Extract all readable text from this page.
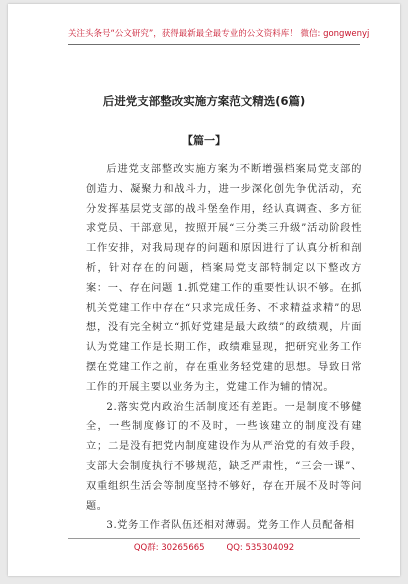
关注头条号“公文研究”，获得最新最全最专业的公文资料库！ 微信: gongwenyj
后进党支部整改实施方案范文精选(6篇)
【篇一】

后进党支部整改实施方案为不断增强档案局党支部的创造力、凝聚力和战斗力，进一步深化创先争优活动，充分发挥基层党支部的战斗堡垒作用，经认真调查、多方征求党员、干部意见，按照开展“三分类三升级”活动阶段性工作安排，对我局现存的问题和原因进行了认真分析和剖析，针对存在的问题，档案局党支部特制定以下整改方案：一、存在问题 1.抓党建工作的重要性认识不够。在抓机关党建工作中存在“只求完成任务、不求精益求精”的思想，没有完全树立“抓好党建是最大政绩”的政绩观，片面认为党建工作是长期工作，政绩难显现，把研究业务工作摆在党建工作之前，存在重业务轻党建的思想。导致日常工作的开展主要以业务为主，党建工作为辅的情况。

2.落实党内政治生活制度还有差距。一是制度不够健全，一些制度修订的不及时，一些该建立的制度没有建立；二是没有把党内制度建设作为从严治党的有效手段，支部大会制度执行不够规范，缺乏严肃性，“三会一课”、双重组织生活会等制度坚持不够好，存在开展不及时等问题。

3.党务工作者队伍还相对薄弱。党务工作人员配备相

QQ群: 30265665	QQ: 535304092
